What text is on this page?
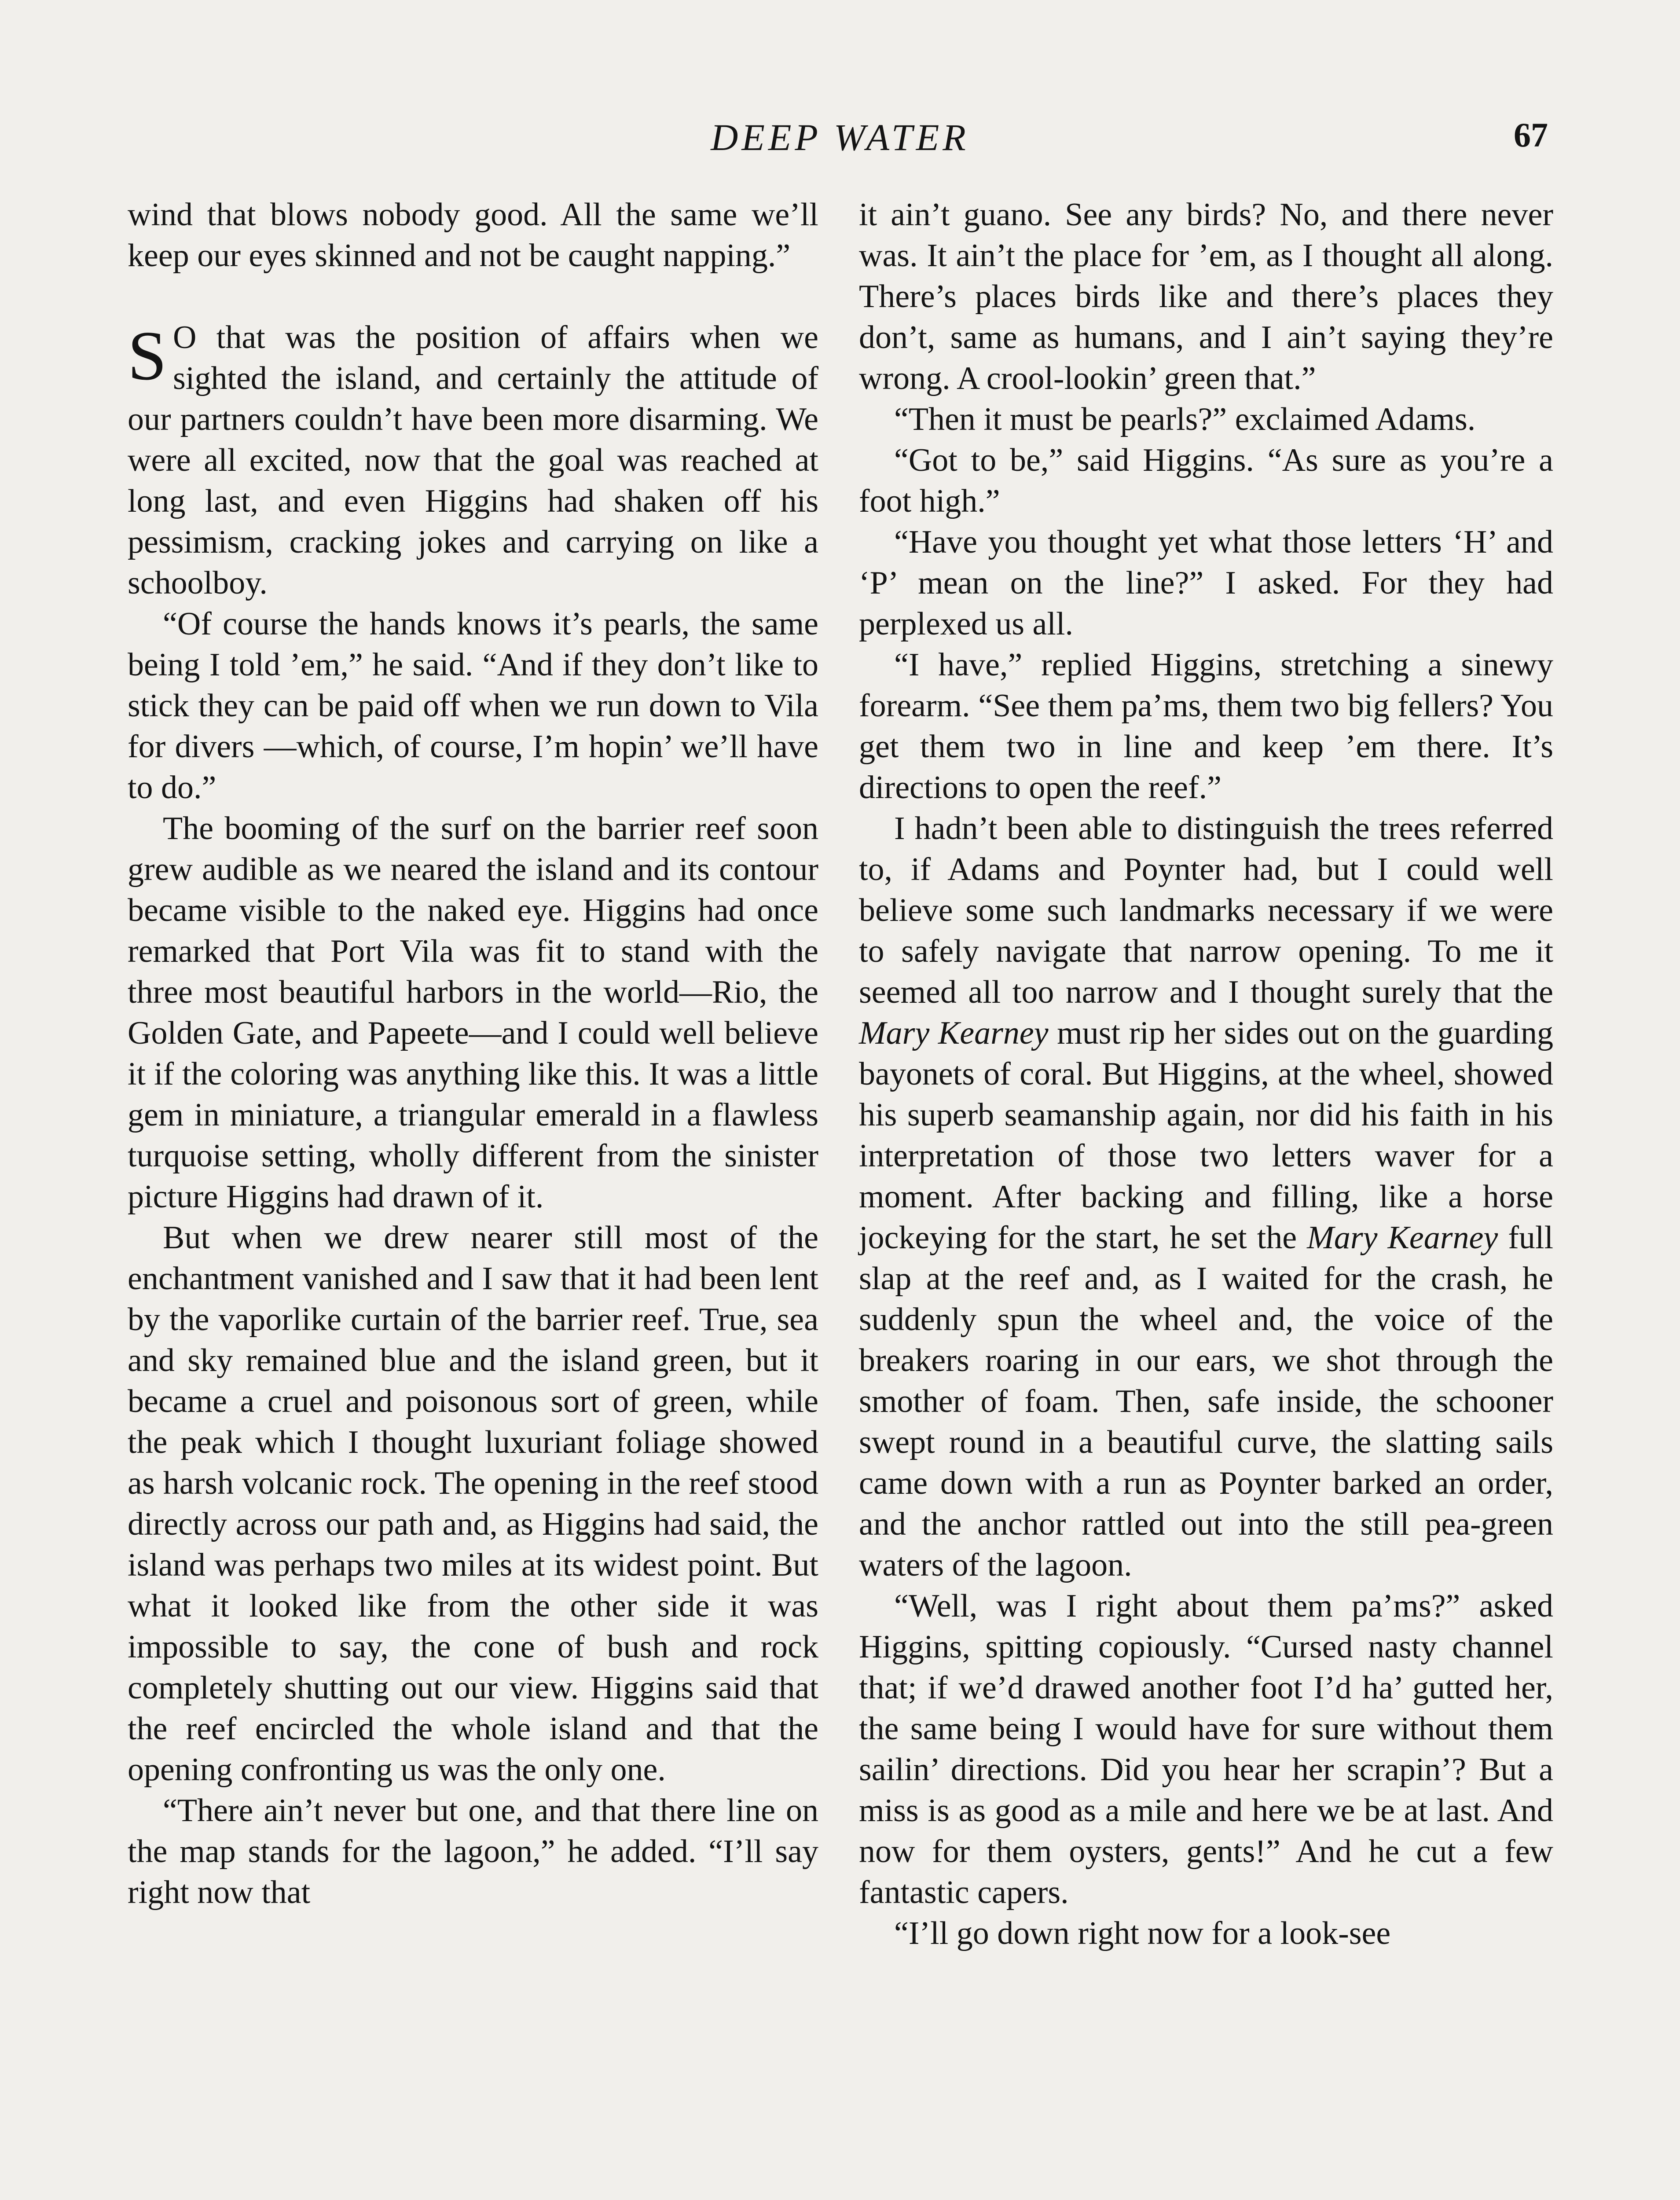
DEEP WATER	67

wind that blows nobody good. All the same we’ll keep our eyes skinned and not be caught napping.”

S O that was the position of affairs when we sighted the island, and certainly the attitude of our partners couldn’t have been more disarming. We were all excited, now that the goal was reached at long last, and even Higgins had shaken off his pessimism, cracking jokes and carrying on like a schoolboy.

“Of course the hands knows it’s pearls, the same being I told ’em,” he said. “And if they don’t like to stick they can be paid off when we run down to Vila for divers —which, of course, I’m hopin’ we’ll have to do.”

The booming of the surf on the barrier reef soon grew audible as we neared the island and its contour became visible to the naked eye. Higgins had once remarked that Port Vila was fit to stand with the three most beautiful harbors in the world—Rio, the Golden Gate, and Papeete—and I could well believe it if the coloring was anything like this. It was a little gem in miniature, a triangular emerald in a flawless turquoise setting, wholly different from the sinister picture Higgins had drawn of it.

But when we drew nearer still most of the enchantment vanished and I saw that it had been lent by the vaporlike curtain of the barrier reef. True, sea and sky remained blue and the island green, but it became a cruel and poisonous sort of green, while the peak which I thought luxuriant foliage showed as harsh volcanic rock. The opening in the reef stood directly across our path and, as Higgins had said, the island was perhaps two miles at its widest point. But what it looked like from the other side it was impossible to say, the cone of bush and rock completely shutting out our view. Higgins said that the reef encircled the whole island and that the opening confronting us was the only one.

“There ain’t never but one, and that there line on the map stands for the lagoon,” he added. “I’ll say right now that

it ain’t guano. See any birds? No, and there never was. It ain’t the place for ’em, as I thought all along. There’s places birds like and there’s places they don’t, same as humans, and I ain’t saying they’re wrong. A crool-lookin’ green that.”

“Then it must be pearls?” exclaimed Adams.

“Got to be,” said Higgins. “As sure as you’re a foot high.”

“Have you thought yet what those letters ‘H’ and ‘P’ mean on the line?” I asked. For they had perplexed us all.

“I have,” replied Higgins, stretching a sinewy forearm. “See them pa’ms, them two big fellers? You get them two in line and keep ’em there. It’s directions to open the reef.”

I hadn’t been able to distinguish the trees referred to, if Adams and Poynter had, but I could well believe some such landmarks necessary if we were to safely navigate that narrow opening. To me it seemed all too narrow and I thought surely that the Mary Kearney must rip her sides out on the guarding bayonets of coral. But Higgins, at the wheel, showed his superb seamanship again, nor did his faith in his interpretation of those two letters waver for a moment. After backing and filling, like a horse jockeying for the start, he set the Mary Kearney full slap at the reef and, as I waited for the crash, he suddenly spun the wheel and, the voice of the breakers roaring in our ears, we shot through the smother of foam. Then, safe inside, the schooner swept round in a beautiful curve, the slatting sails came down with a run as Poynter barked an order, and the anchor rattled out into the still pea-green waters of the lagoon.

“Well, was I right about them pa’ms?” asked Higgins, spitting copiously. “Cursed nasty channel that; if we’d drawed another foot I’d ha’ gutted her, the same being I would have for sure without them sailin’ directions. Did you hear her scrapin’? But a miss is as good as a mile and here we be at last. And now for them oysters, gents!” And he cut a few fantastic capers.

“I’ll go down right now for a look-see
